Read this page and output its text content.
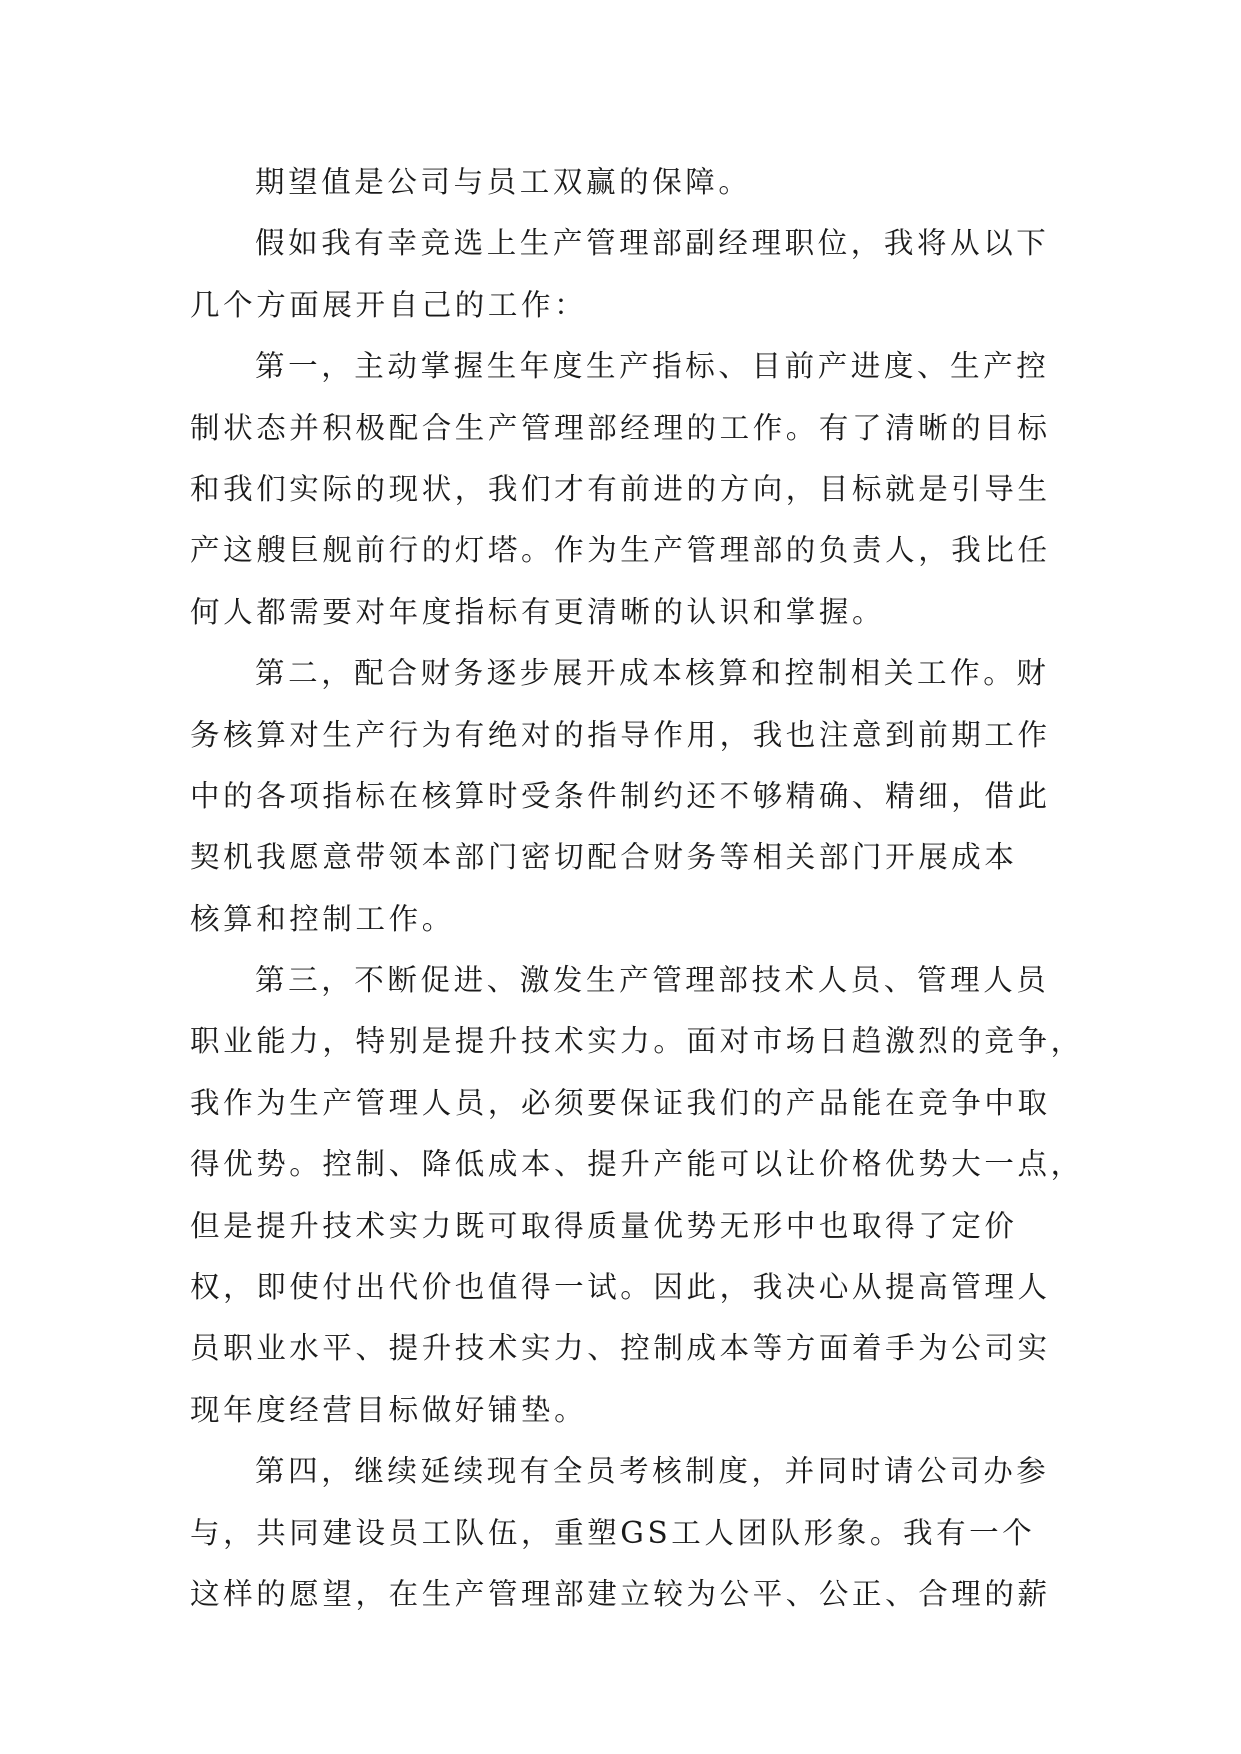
期望值是公司与员工双赢的保障。
假如我有幸竞选上生产管理部副经理职位，我将从以下
几个方面展开自己的工作：
第一，主动掌握生年度生产指标、目前产进度、生产控
制状态并积极配合生产管理部经理的工作。有了清晰的目标
和我们实际的现状，我们才有前进的方向，目标就是引导生
产这艘巨舰前行的灯塔。作为生产管理部的负责人，我比任
何人都需要对年度指标有更清晰的认识和掌握。
第二，配合财务逐步展开成本核算和控制相关工作。财
务核算对生产行为有绝对的指导作用，我也注意到前期工作
中的各项指标在核算时受条件制约还不够精确、精细，借此
契机我愿意带领本部门密切配合财务等相关部门开展成本
核算和控制工作。
第三，不断促进、激发生产管理部技术人员、管理人员
职业能力，特别是提升技术实力。面对市场日趋激烈的竞争，
我作为生产管理人员，必须要保证我们的产品能在竞争中取
得优势。控制、降低成本、提升产能可以让价格优势大一点，
但是提升技术实力既可取得质量优势无形中也取得了定价
权，即使付出代价也值得一试。因此，我决心从提高管理人
员职业水平、提升技术实力、控制成本等方面着手为公司实
现年度经营目标做好铺垫。
第四，继续延续现有全员考核制度，并同时请公司办参
与，共同建设员工队伍，重塑GS工人团队形象。我有一个
这样的愿望，在生产管理部建立较为公平、公正、合理的薪
